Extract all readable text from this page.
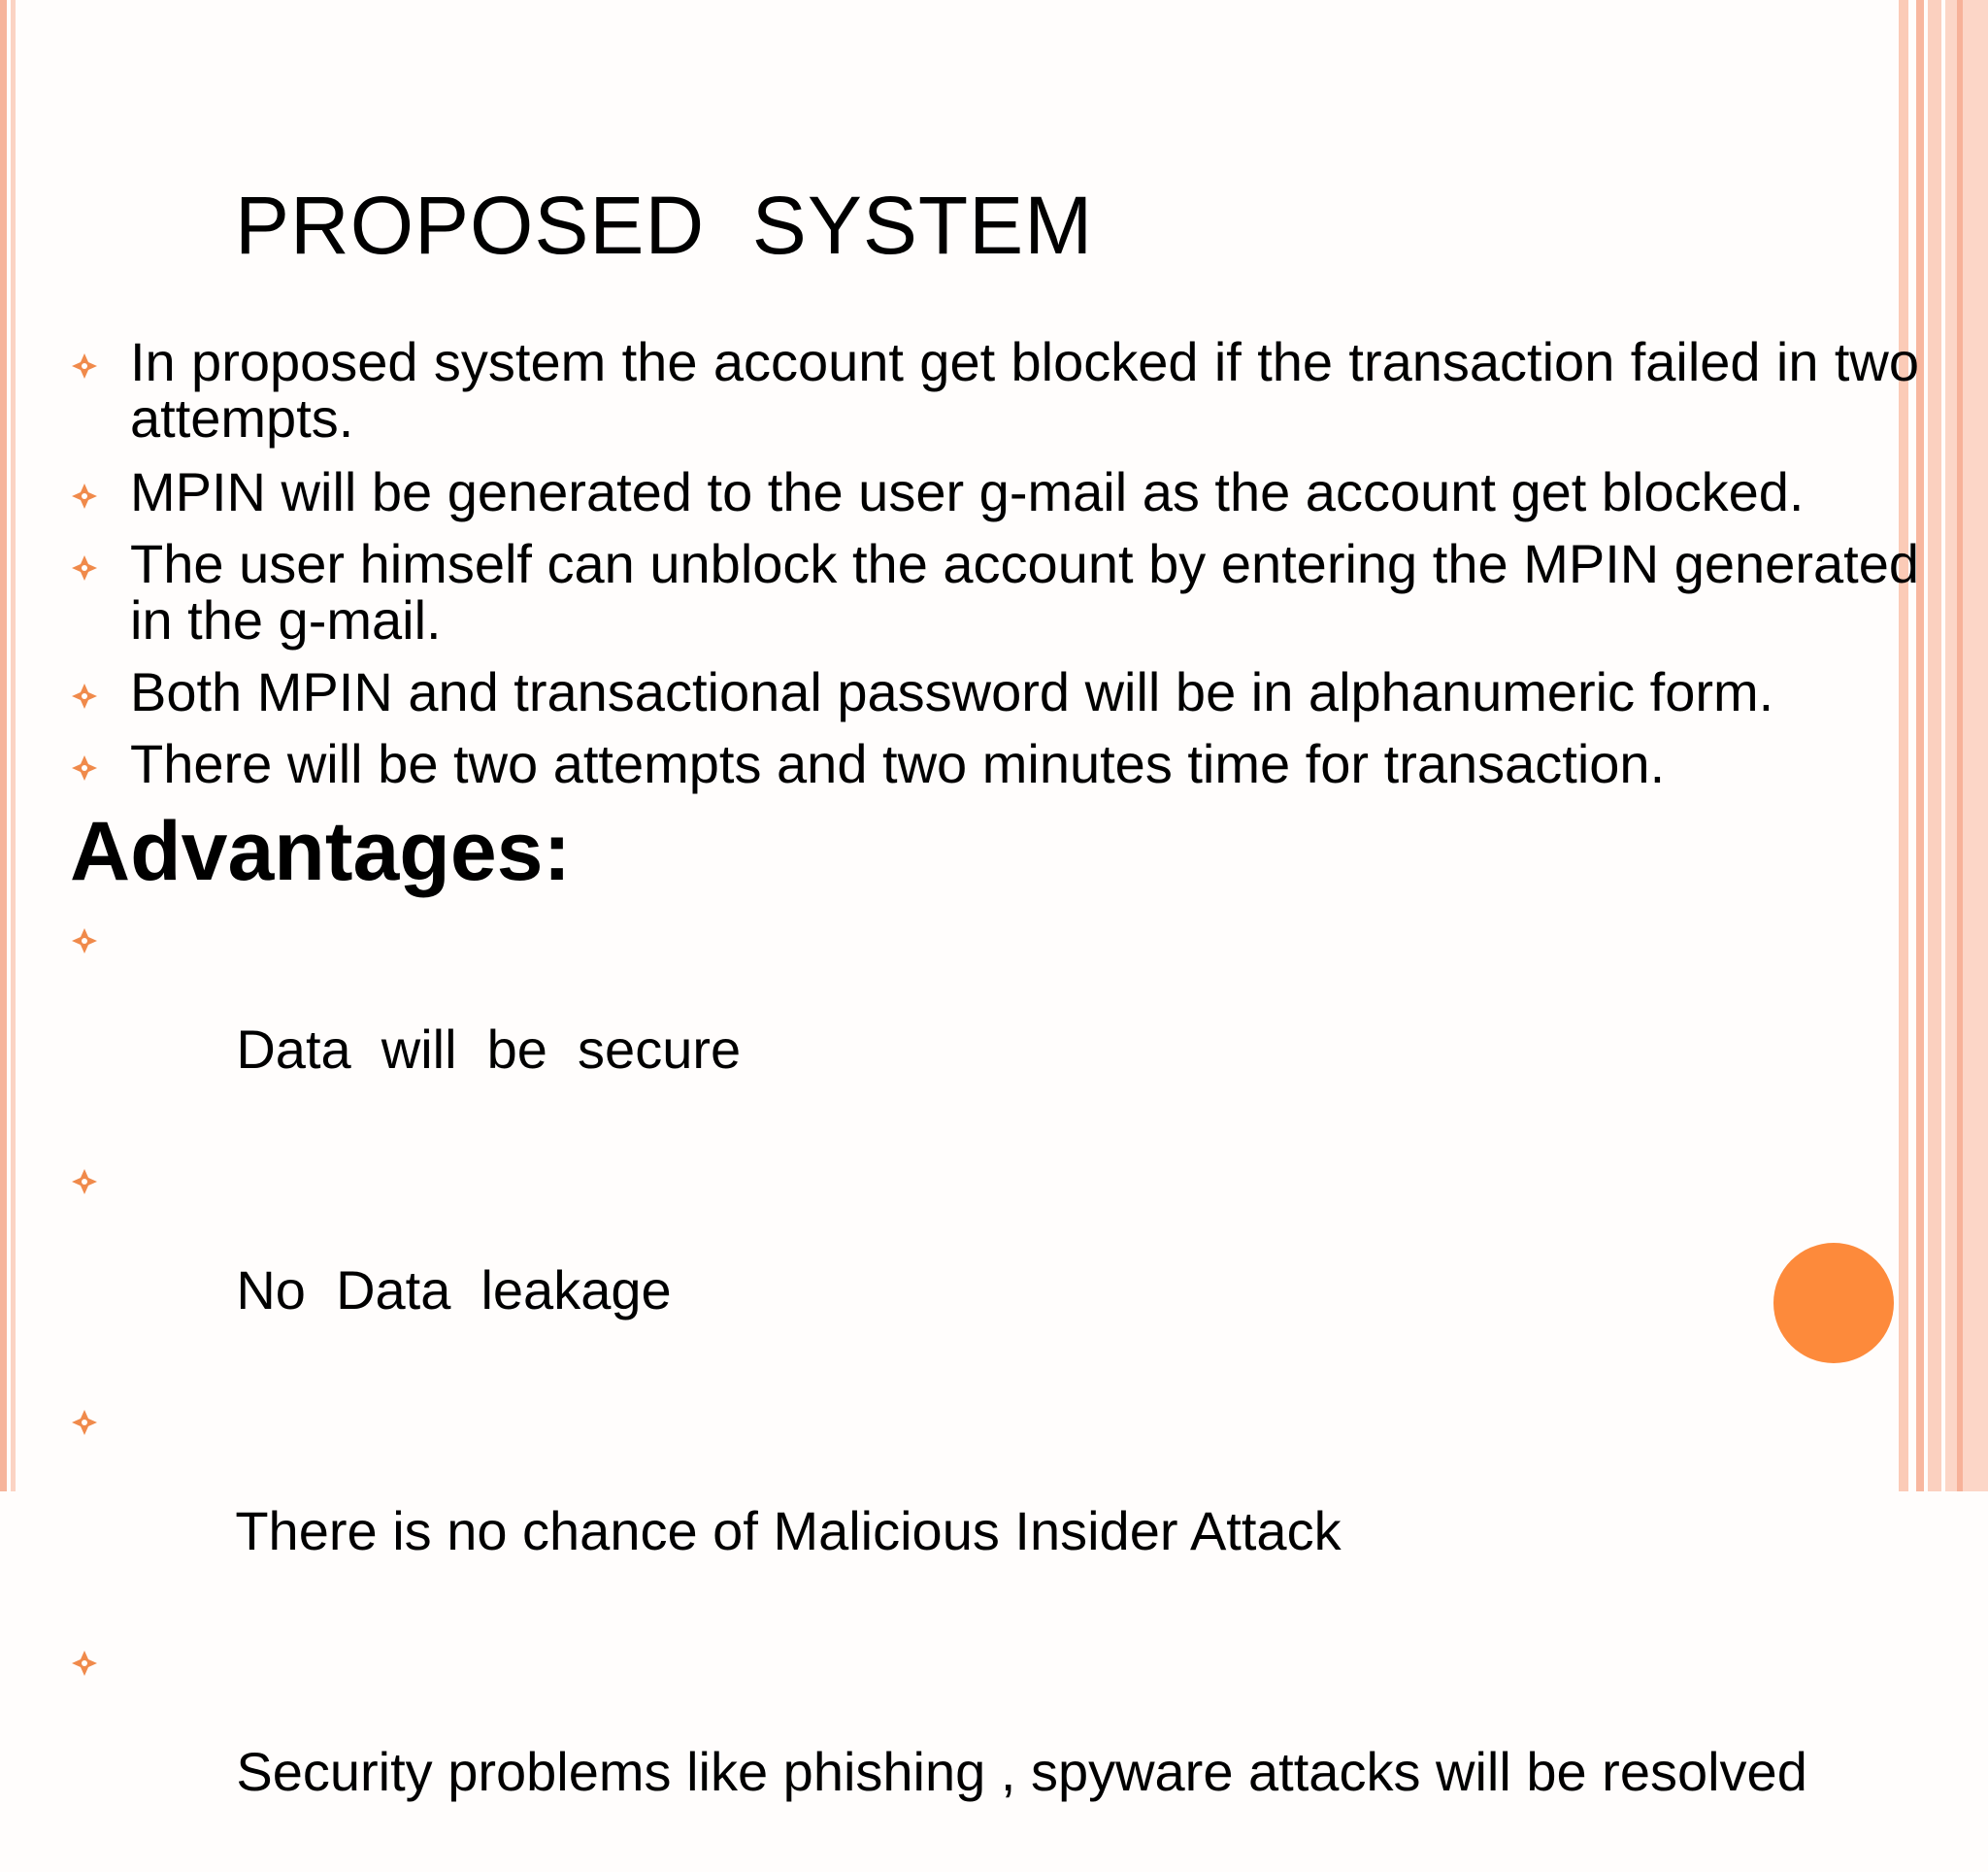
PROPOSED  SYSTEM
In proposed system the account get blocked if the transaction failed in two attempts.
MPIN will be generated to the user g-mail as the account get blocked.
The user himself can unblock the account by entering the MPIN generated in the g-mail.
Both MPIN and transactional password will be in alphanumeric form.
There will be two attempts and two minutes time for transaction.
Advantages:

Data  will  be  secure

No  Data  leakage

There is no chance of Malicious Insider Attack

Security problems like phishing , spyware attacks will be resolved
